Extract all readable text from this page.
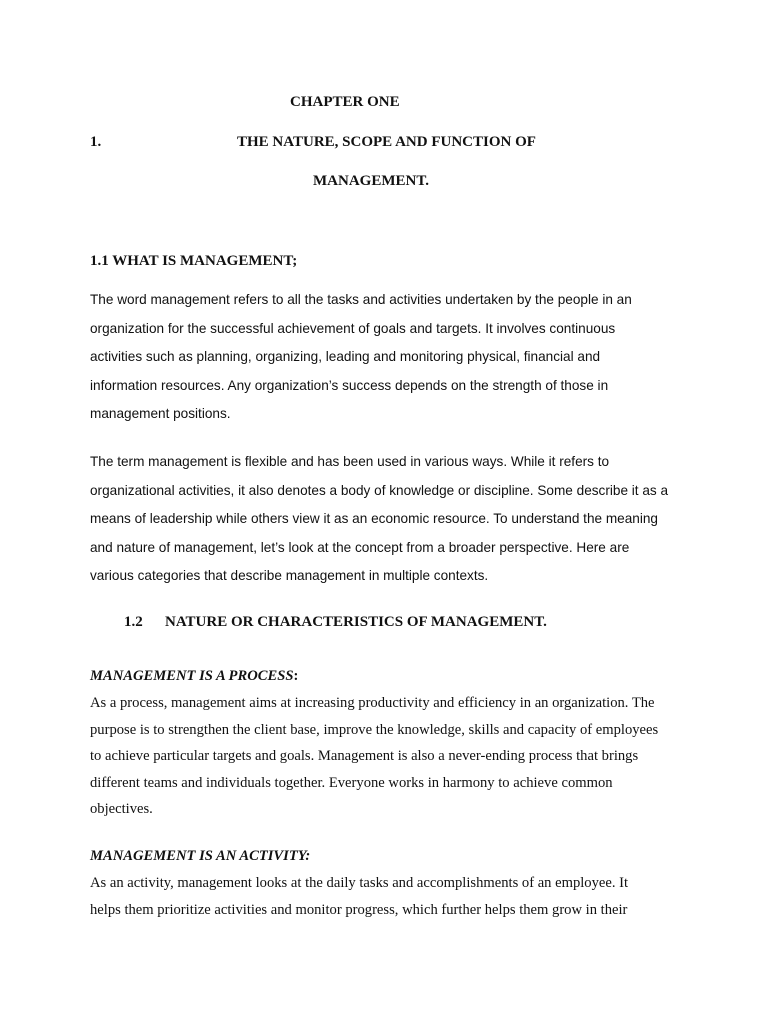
CHAPTER ONE
1.	THE NATURE, SCOPE AND FUNCTION OF
MANAGEMENT.
1.1 WHAT IS MANAGEMENT;
The word management refers to all the tasks and activities undertaken by the people in an
organization for the successful achievement of goals and targets. It involves continuous
activities such as planning, organizing, leading and monitoring physical, financial and
information resources. Any organization’s success depends on the strength of those in
management positions.
The term management is flexible and has been used in various ways. While it refers to
organizational activities, it also denotes a body of knowledge or discipline. Some describe it as a
means of leadership while others view it as an economic resource. To understand the meaning
and nature of management, let’s look at the concept from a broader perspective. Here are
various categories that describe management in multiple contexts.
1.2 NATURE OR CHARACTERISTICS OF MANAGEMENT.
MANAGEMENT IS A PROCESS:
As a process, management aims at increasing productivity and efficiency in an organization. The
purpose is to strengthen the client base, improve the knowledge, skills and capacity of employees
to achieve particular targets and goals. Management is also a never-ending process that brings
different teams and individuals together. Everyone works in harmony to achieve common
objectives.
MANAGEMENT IS AN ACTIVITY:
As an activity, management looks at the daily tasks and accomplishments of an employee. It
helps them prioritize activities and monitor progress, which further helps them grow in their
